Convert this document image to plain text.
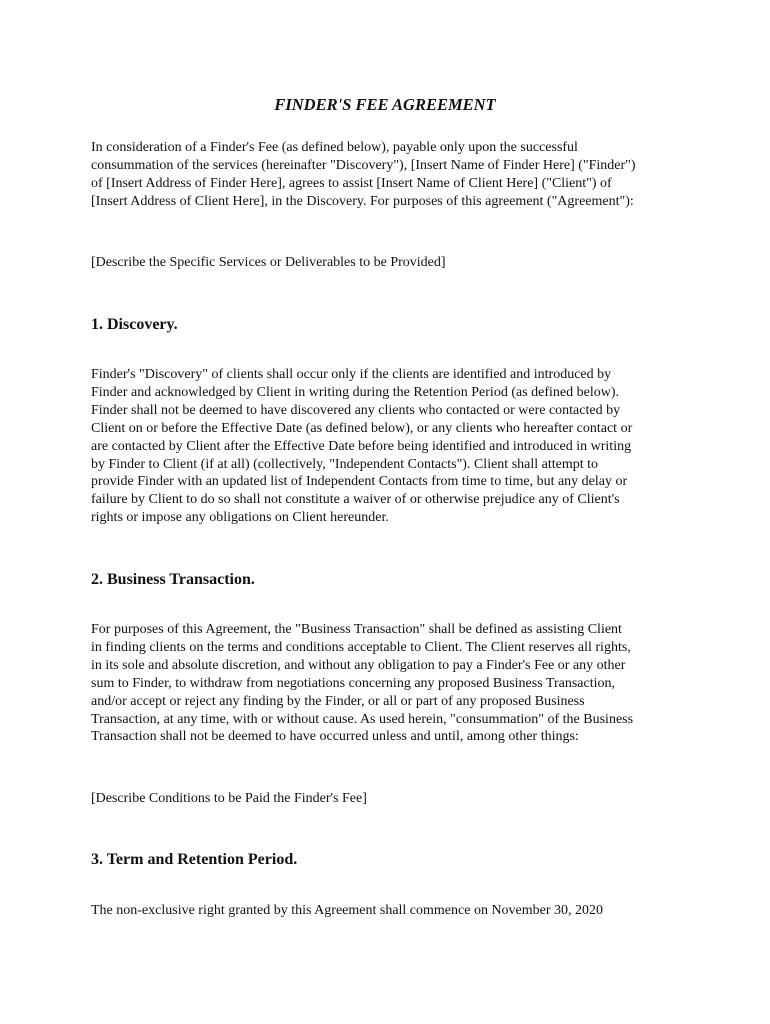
FINDER'S FEE AGREEMENT

In consideration of a Finder's Fee (as defined below), payable only upon the successful
consummation of the services (hereinafter "Discovery"), [Insert Name of Finder Here] ("Finder")
of [Insert Address of Finder Here], agrees to assist [Insert Name of Client Here] ("Client") of
[Insert Address of Client Here], in the Discovery. For purposes of this agreement ("Agreement"):

[Describe the Specific Services or Deliverables to be Provided]

1. Discovery.

Finder's "Discovery" of clients shall occur only if the clients are identified and introduced by
Finder and acknowledged by Client in writing during the Retention Period (as defined below).
Finder shall not be deemed to have discovered any clients who contacted or were contacted by
Client on or before the Effective Date (as defined below), or any clients who hereafter contact or
are contacted by Client after the Effective Date before being identified and introduced in writing
by Finder to Client (if at all) (collectively, "Independent Contacts"). Client shall attempt to
provide Finder with an updated list of Independent Contacts from time to time, but any delay or
failure by Client to do so shall not constitute a waiver of or otherwise prejudice any of Client's
rights or impose any obligations on Client hereunder.

2. Business Transaction.

For purposes of this Agreement, the "Business Transaction" shall be defined as assisting Client
in finding clients on the terms and conditions acceptable to Client. The Client reserves all rights,
in its sole and absolute discretion, and without any obligation to pay a Finder's Fee or any other
sum to Finder, to withdraw from negotiations concerning any proposed Business Transaction,
and/or accept or reject any finding by the Finder, or all or part of any proposed Business
Transaction, at any time, with or without cause. As used herein, "consummation" of the Business
Transaction shall not be deemed to have occurred unless and until, among other things:

[Describe Conditions to be Paid the Finder's Fee]

3. Term and Retention Period.

The non-exclusive right granted by this Agreement shall commence on November 30, 2020
